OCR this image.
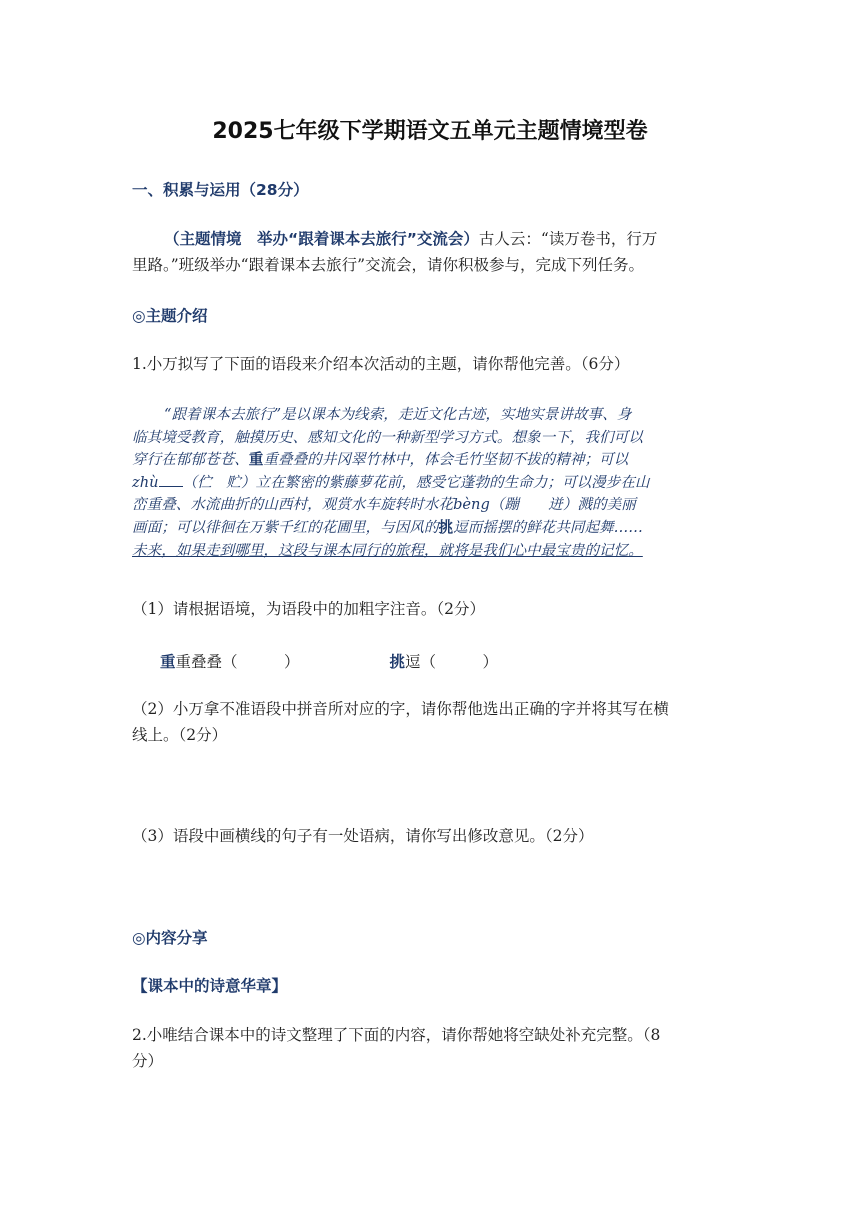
2025七年级下学期语文五单元主题情境型卷
一、积累与运用（28分）
（主题情境　举办“跟着课本去旅行”交流会）古人云：“读万卷书，行万
里路。”班级举办“跟着课本去旅行”交流会，请你积极参与，完成下列任务。
◎主题介绍
1.小万拟写了下面的语段来介绍本次活动的主题，请你帮他完善。（6分）
“跟着课本去旅行”是以课本为线索，走近文化古迹，实地实景讲故事、身
临其境受教育，触摸历史、感知文化的一种新型学习方式。想象一下，我们可以
穿行在郁郁苍苍、重重叠叠的井冈翠竹林中，体会毛竹坚韧不拔的精神；可以
zhù （伫　贮）立在繁密的紫藤萝花前，感受它蓬勃的生命力；可以漫步在山
峦重叠、水流曲折的山西村，观赏水车旋转时水花bèng（蹦　　迸）溅的美丽
画面；可以徘徊在万紫千红的花圃里，与因风的挑逗而摇摆的鲜花共同起舞……
未来，如果走到哪里，这段与课本同行的旅程，就将是我们心中最宝贵的记忆。
（1）请根据语境，为语段中的加粗字注音。（2分）
重重叠叠（　　　）	挑逗（　　　）
（2）小万拿不准语段中拼音所对应的字，请你帮他选出正确的字并将其写在横
线上。（2分）
（3）语段中画横线的句子有一处语病，请你写出修改意见。（2分）
◎内容分享
【课本中的诗意华章】
2.小唯结合课本中的诗文整理了下面的内容，请你帮她将空缺处补充完整。（8
分）
